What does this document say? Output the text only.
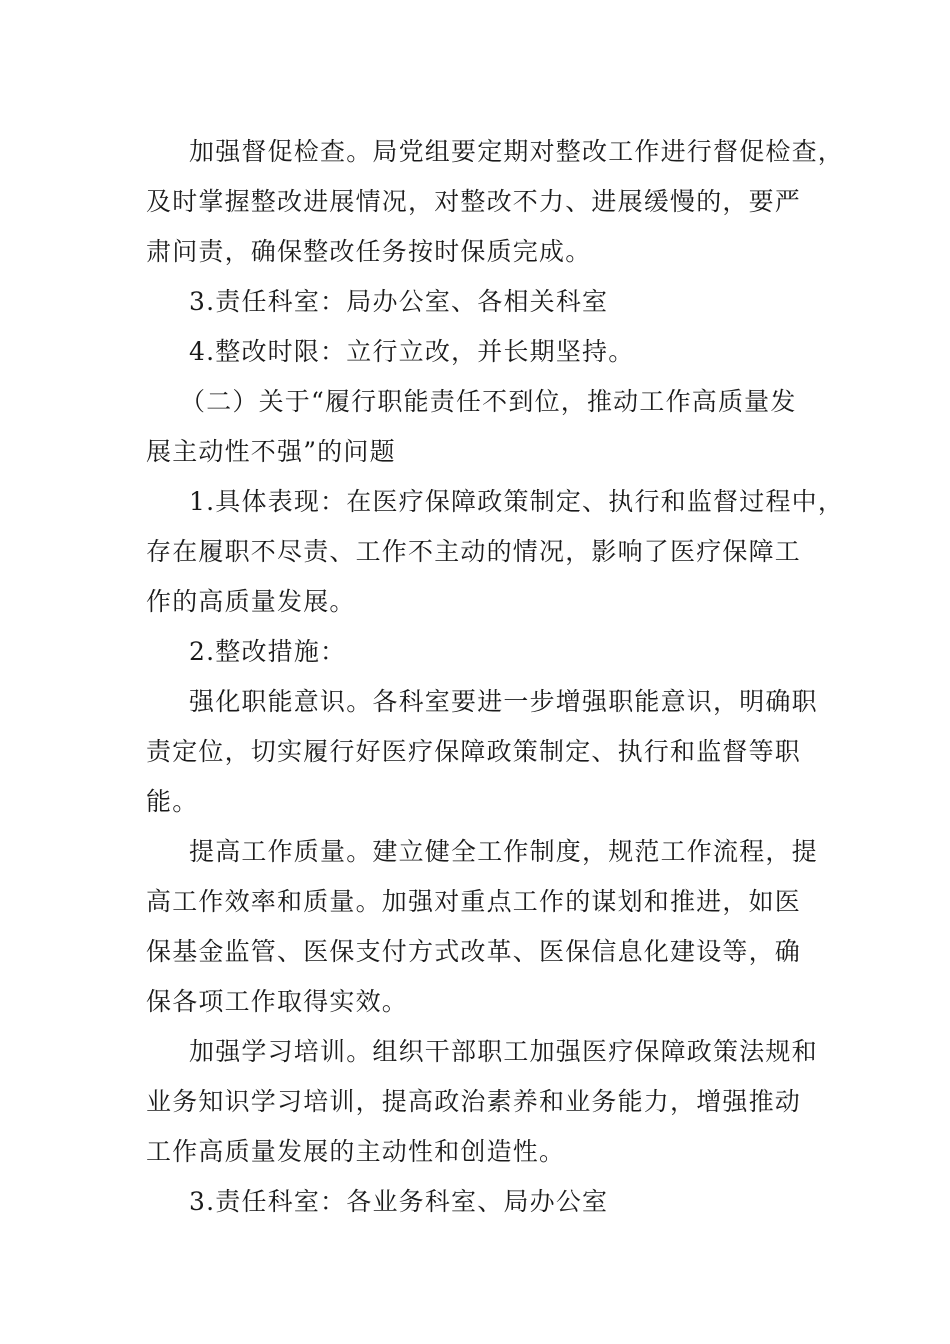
加强督促检查。局党组要定期对整改工作进行督促检查，
及时掌握整改进展情况，对整改不力、进展缓慢的，要严
肃问责，确保整改任务按时保质完成。
3.责任科室：局办公室、各相关科室
4.整改时限：立行立改，并长期坚持。
（二）关于“履行职能责任不到位，推动工作高质量发
展主动性不强”的问题
1.具体表现：在医疗保障政策制定、执行和监督过程中，
存在履职不尽责、工作不主动的情况，影响了医疗保障工
作的高质量发展。
2.整改措施：
强化职能意识。各科室要进一步增强职能意识，明确职
责定位，切实履行好医疗保障政策制定、执行和监督等职
能。
提高工作质量。建立健全工作制度，规范工作流程，提
高工作效率和质量。加强对重点工作的谋划和推进，如医
保基金监管、医保支付方式改革、医保信息化建设等，确
保各项工作取得实效。
加强学习培训。组织干部职工加强医疗保障政策法规和
业务知识学习培训，提高政治素养和业务能力，增强推动
工作高质量发展的主动性和创造性。
3.责任科室：各业务科室、局办公室
